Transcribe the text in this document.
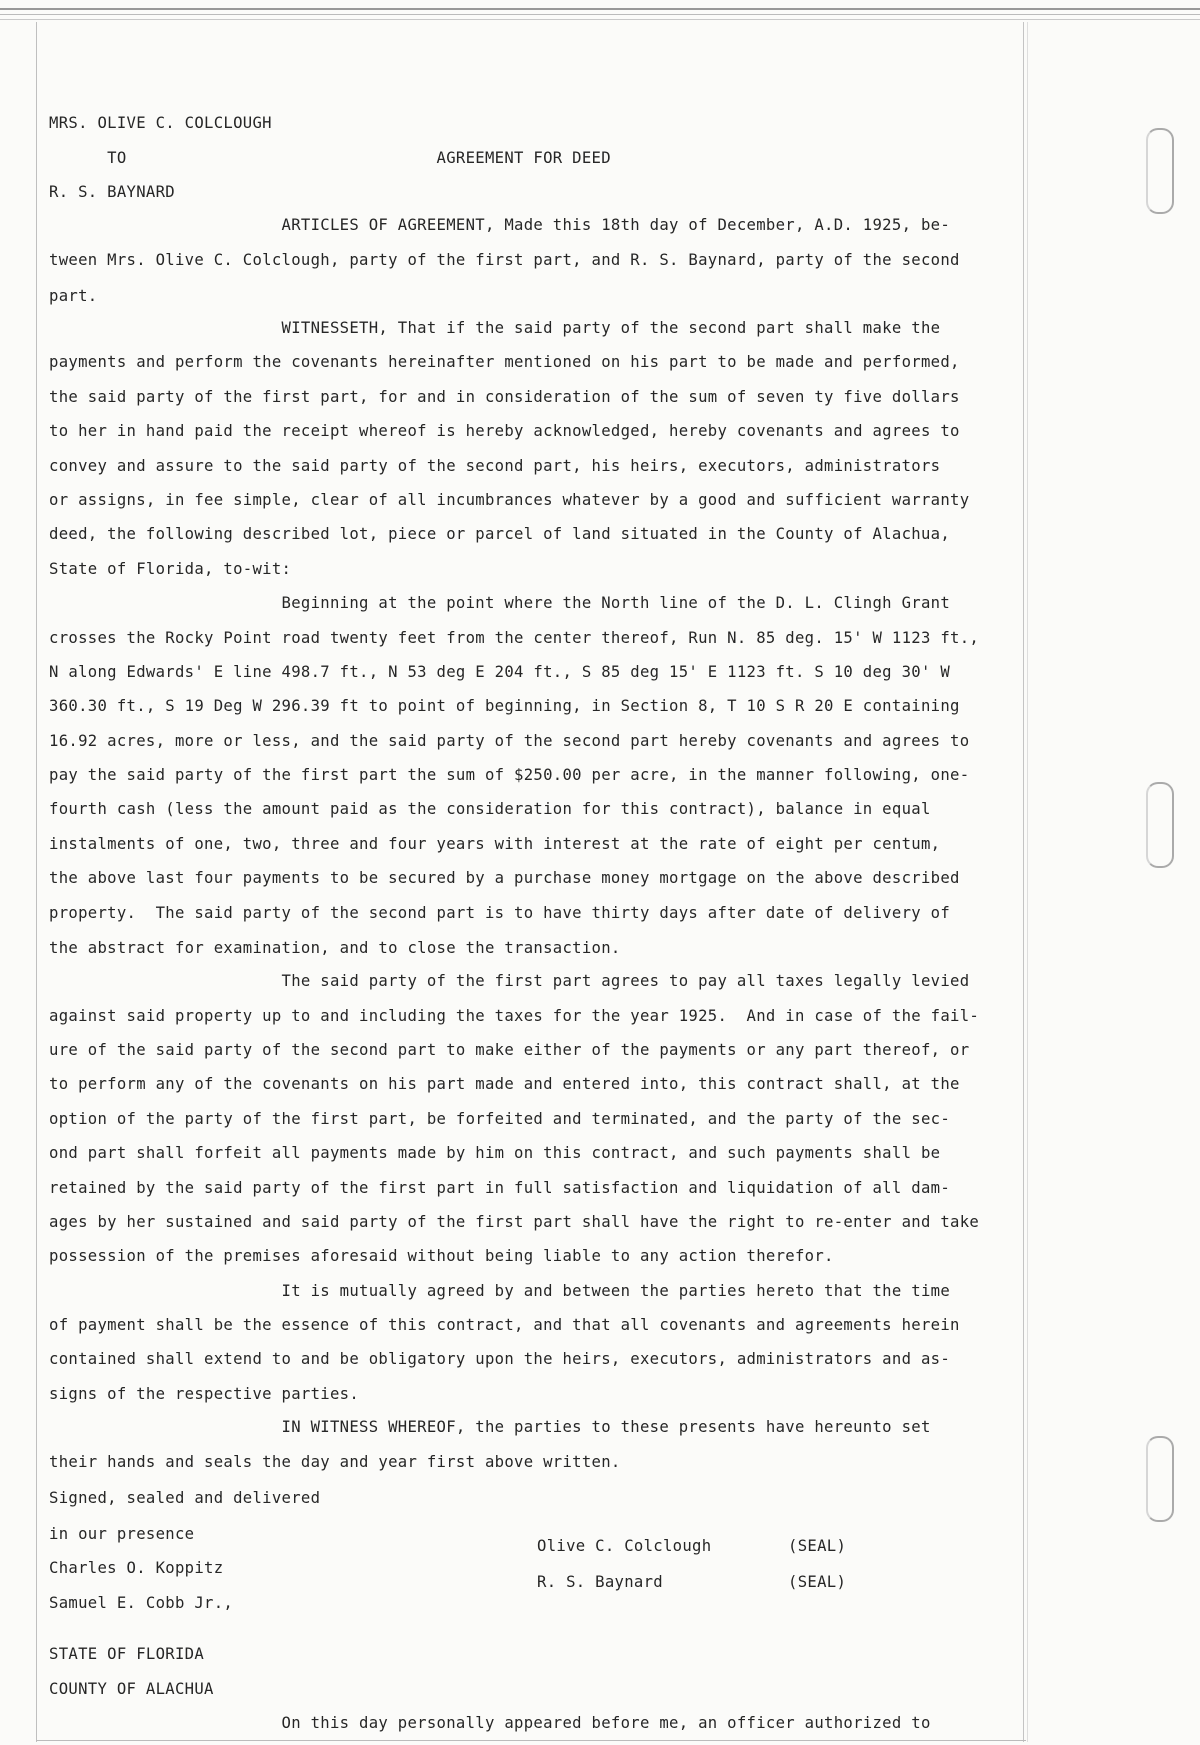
MRS. OLIVE C. COLCLOUGH
TO                                AGREEMENT FOR DEED
R. S. BAYNARD
ARTICLES OF AGREEMENT, Made this 18th day of December, A.D. 1925, be-
tween Mrs. Olive C. Colclough, party of the first part, and R. S. Baynard, party of the second
part.
WITNESSETH, That if the said party of the second part shall make the
payments and perform the covenants hereinafter mentioned on his part to be made and performed,
the said party of the first part, for and in consideration of the sum of seven ty five dollars
to her in hand paid the receipt whereof is hereby acknowledged, hereby covenants and agrees to
convey and assure to the said party of the second part, his heirs, executors, administrators
or assigns, in fee simple, clear of all incumbrances whatever by a good and sufficient warranty
deed, the following described lot, piece or parcel of land situated in the County of Alachua,
State of Florida, to-wit:
Beginning at the point where the North line of the D. L. Clingh Grant
crosses the Rocky Point road twenty feet from the center thereof, Run N. 85 deg. 15' W 1123 ft.,
N along Edwards' E line 498.7 ft., N 53 deg E 204 ft., S 85 deg 15' E 1123 ft. S 10 deg 30' W
360.30 ft., S 19 Deg W 296.39 ft to point of beginning, in Section 8, T 10 S R 20 E containing
16.92 acres, more or less, and the said party of the second part hereby covenants and agrees to
pay the said party of the first part the sum of $250.00 per acre, in the manner following, one-
fourth cash (less the amount paid as the consideration for this contract), balance in equal
instalments of one, two, three and four years with interest at the rate of eight per centum,
the above last four payments to be secured by a purchase money mortgage on the above described
property.  The said party of the second part is to have thirty days after date of delivery of
the abstract for examination, and to close the transaction.
The said party of the first part agrees to pay all taxes legally levied
against said property up to and including the taxes for the year 1925.  And in case of the fail-
ure of the said party of the second part to make either of the payments or any part thereof, or
to perform any of the covenants on his part made and entered into, this contract shall, at the
option of the party of the first part, be forfeited and terminated, and the party of the sec-
ond part shall forfeit all payments made by him on this contract, and such payments shall be
retained by the said party of the first part in full satisfaction and liquidation of all dam-
ages by her sustained and said party of the first part shall have the right to re-enter and take
possession of the premises aforesaid without being liable to any action therefor.
It is mutually agreed by and between the parties hereto that the time
of payment shall be the essence of this contract, and that all covenants and agreements herein
contained shall extend to and be obligatory upon the heirs, executors, administrators and as-
signs of the respective parties.
IN WITNESS WHEREOF, the parties to these presents have hereunto set
their hands and seals the day and year first above written.
Signed, sealed and delivered
in our presence
Charles O. Koppitz
Samuel E. Cobb Jr.,
STATE OF FLORIDA
COUNTY OF ALACHUA
On this day personally appeared before me, an officer authorized to
Olive C. Colclough	(SEAL)
R. S. Baynard	(SEAL)
